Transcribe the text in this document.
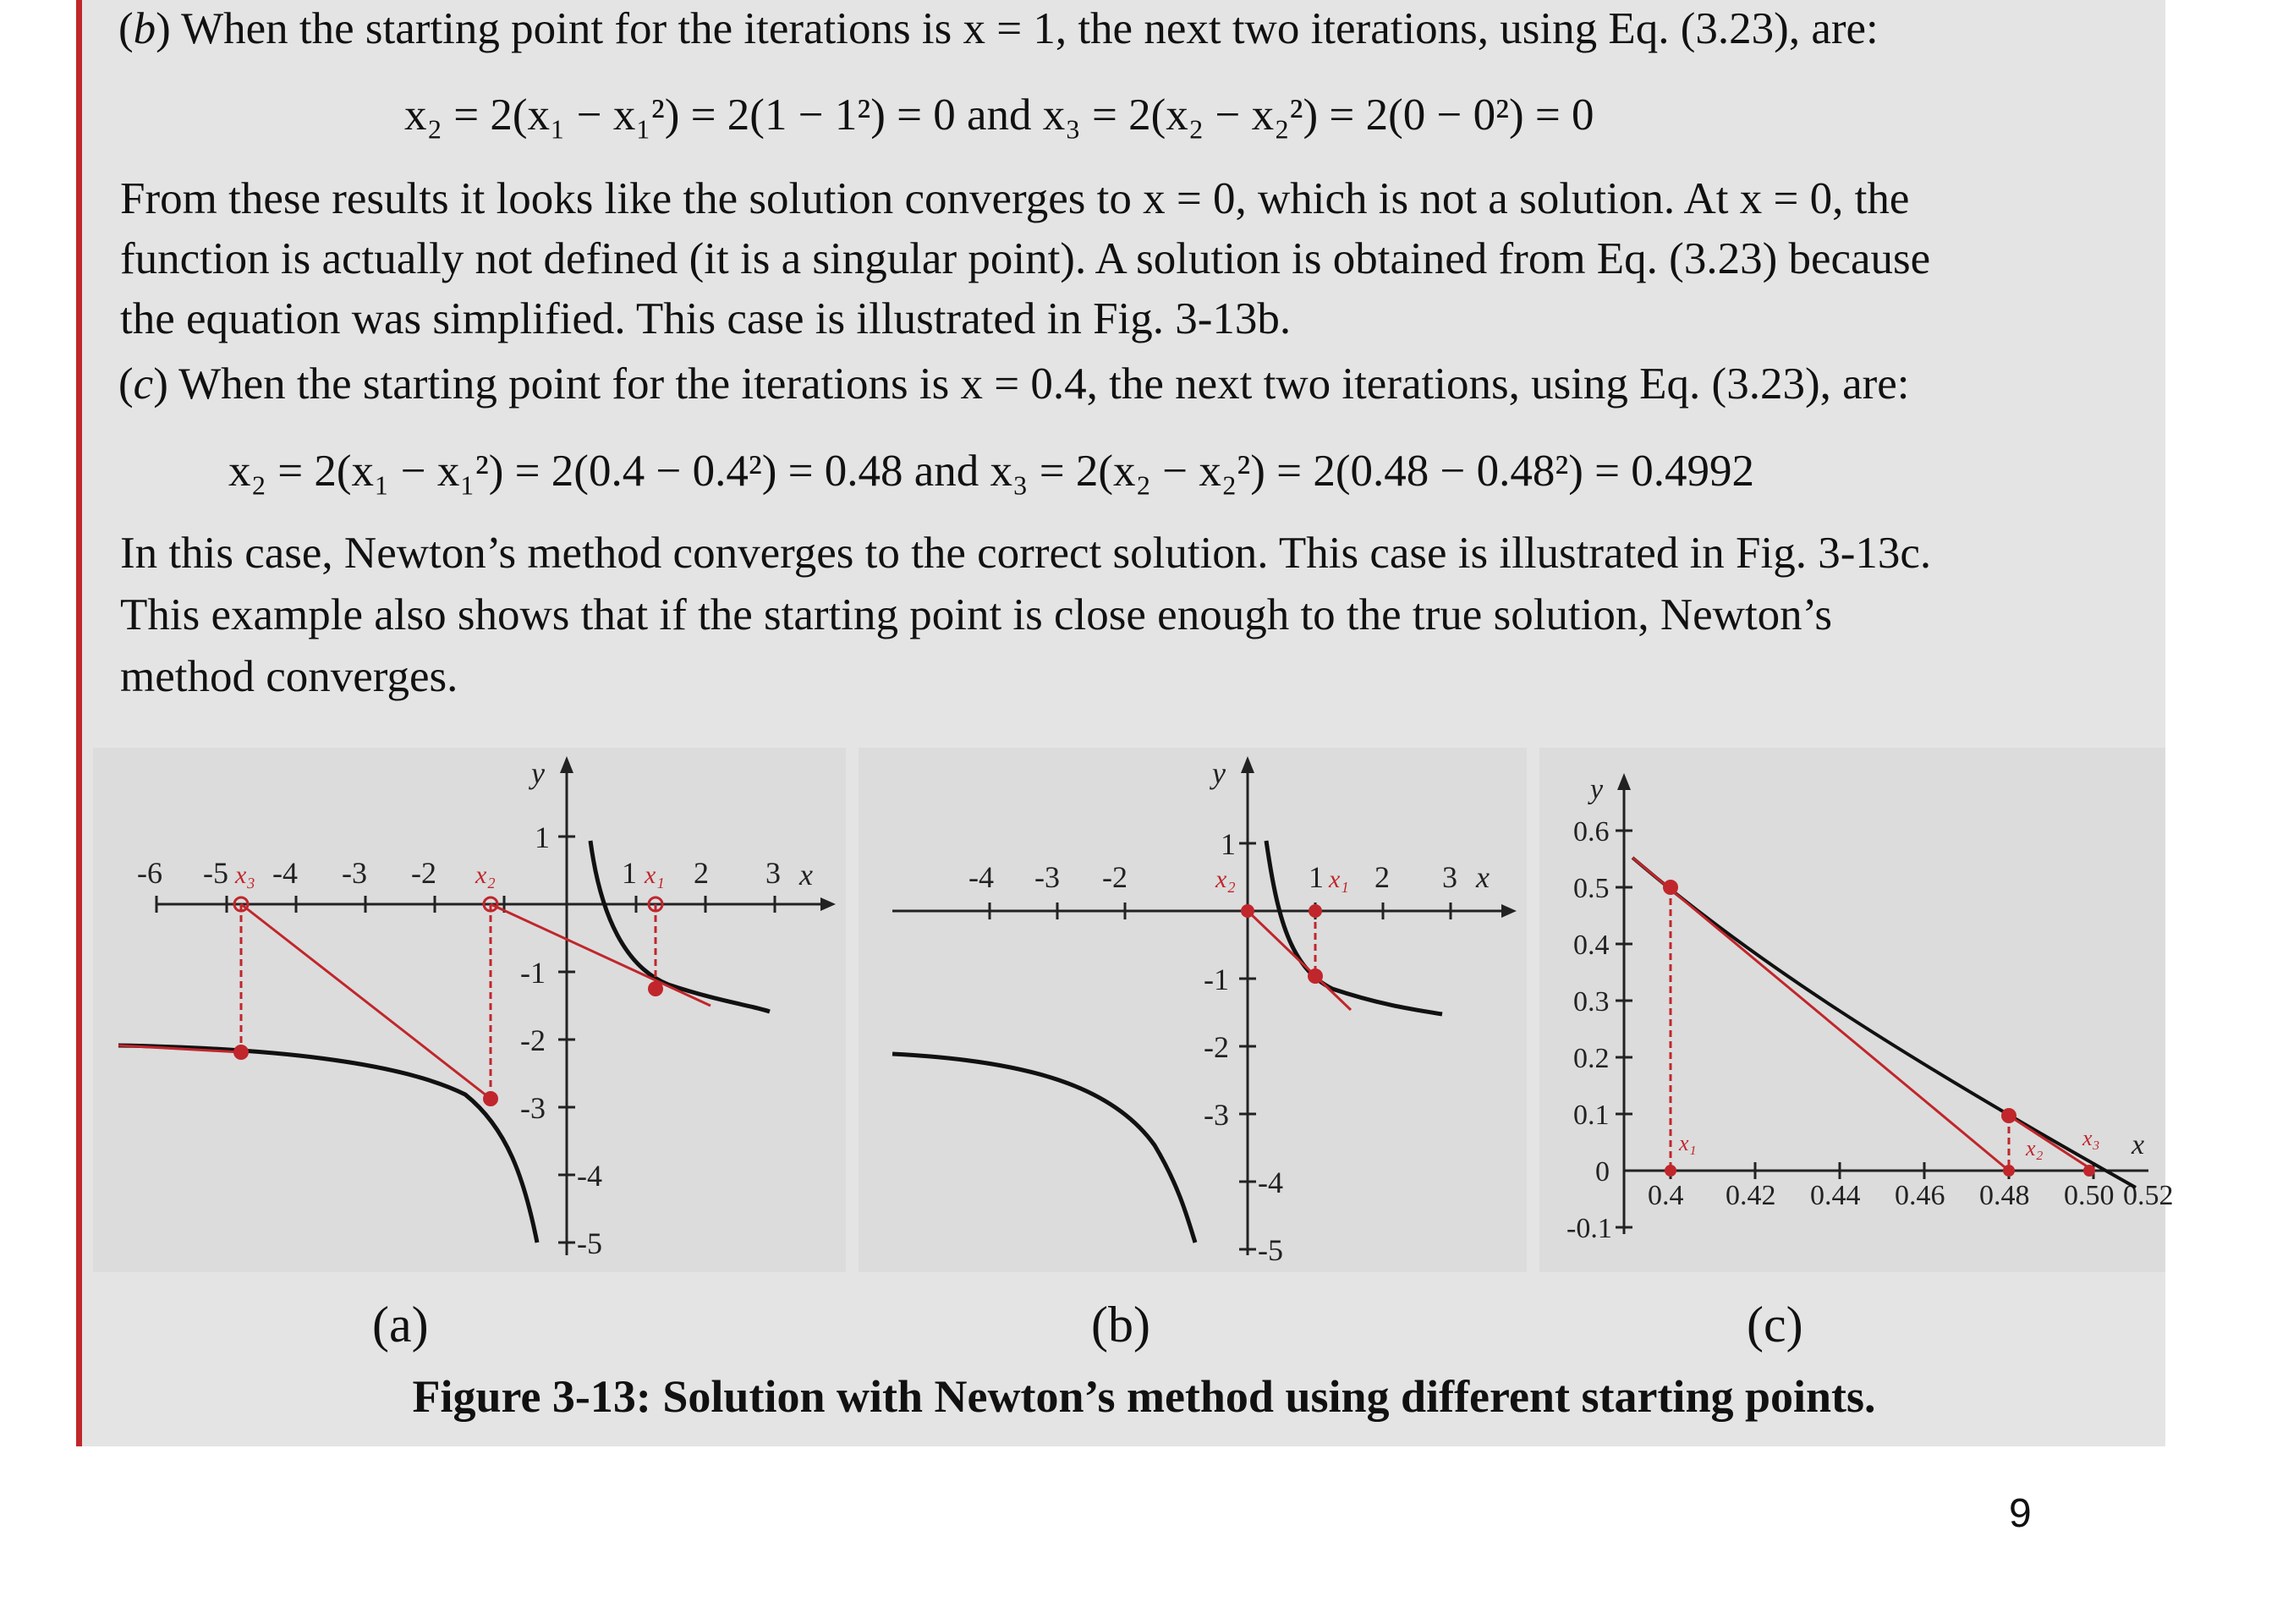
(b) When the starting point for the iterations is x = 1, the next two iterations, using Eq. (3.23), are:
x₂ = 2(x₁ − x₁²) = 2(1 − 1²) = 0 and x₃ = 2(x₂ − x₂²) = 2(0 − 0²) = 0
From these results it looks like the solution converges to x = 0, which is not a solution. At x = 0, the
function is actually not defined (it is a singular point). A solution is obtained from Eq. (3.23) because
the equation was simplified. This case is illustrated in Fig. 3-13b.
(c) When the starting point for the iterations is x = 0.4, the next two iterations, using Eq. (3.23), are:
x₂ = 2(x₁ − x₁²) = 2(0.4 − 0.4²) = 0.48 and x₃ = 2(x₂ − x₂²) = 2(0.48 − 0.48²) = 0.4992
In this case, Newton’s method converges to the correct solution. This case is illustrated in Fig. 3-13c.
This example also shows that if the starting point is close enough to the true solution, Newton’s
method converges.
-6 -5 -4 -3 -2	1 2 3 x
y
1
-1
-2
-3
-4
-5
x₁
x₂
x₃	-4 -3 -2	1 2 3 x
y
1
-1
-2
-3
-4
-5
x₁
x₂
0.6
0.5
0.4
0.3
0.2
0.1
0
-0.1
0.4 0.42 0.44 0.46 0.48 0.50 0.52
x
y
x₁	x₂ x₃
(a)	(b)	(c)
Figure 3-13: Solution with Newton’s method using different starting points.
9
